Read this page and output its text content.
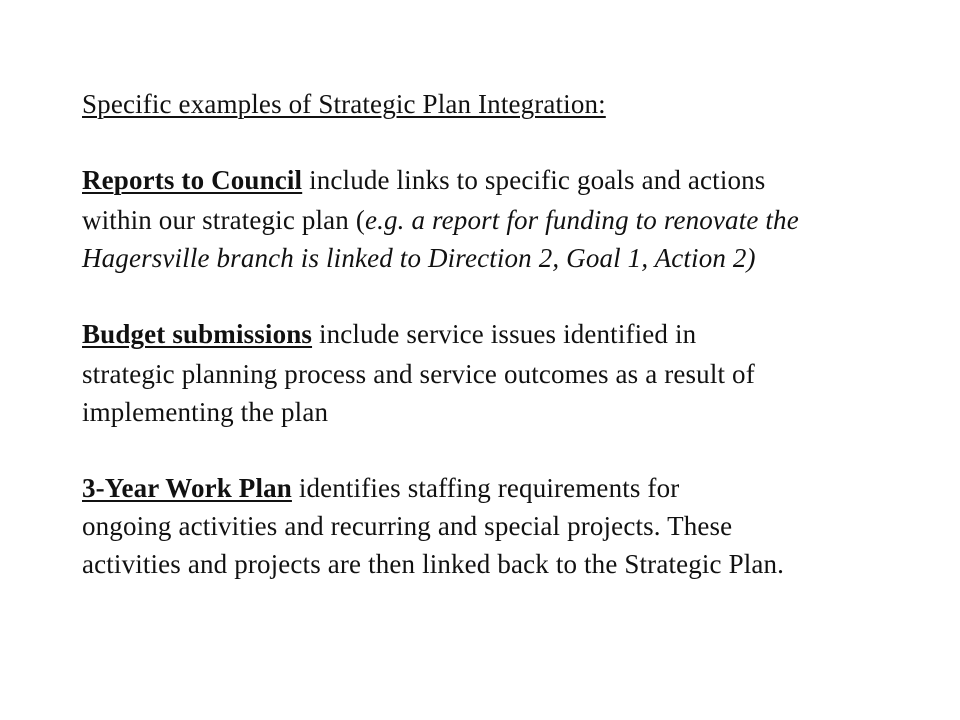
Specific examples of Strategic Plan Integration:
Reports to Council include links to specific goals and actions
within our strategic plan (e.g. a report for funding to renovate the
Hagersville branch is linked to Direction 2, Goal 1, Action 2)
Budget submissions include service issues identified in
strategic planning process and service outcomes as a result of
implementing the plan
3-Year Work Plan identifies staffing requirements for
ongoing activities and recurring and special projects. These
activities and projects are then linked back to the Strategic Plan.
